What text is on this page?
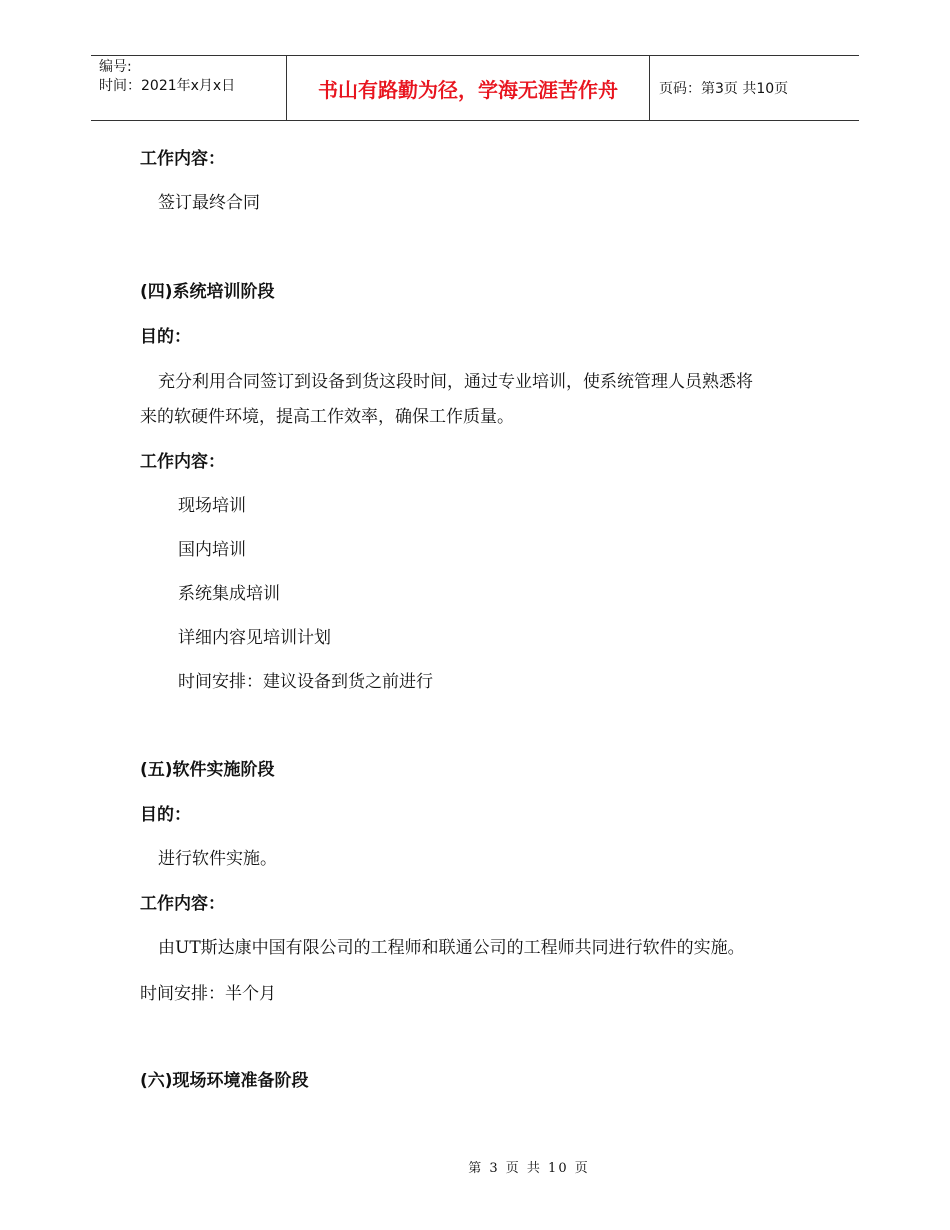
编号:
时间：2021年x月x日	书山有路勤为径，学海无涯苦作舟	页码：第3页 共10页
工作内容：
签订最终合同
(四)系统培训阶段
目的：
充分利用合同签订到设备到货这段时间，通过专业培训，使系统管理人员熟悉将
来的软硬件环境，提高工作效率，确保工作质量。
工作内容：
现场培训
国内培训
系统集成培训
详细内容见培训计划
时间安排：建议设备到货之前进行
(五)软件实施阶段
目的：
进行软件实施。
工作内容：
由UT斯达康中国有限公司的工程师和联通公司的工程师共同进行软件的实施。
时间安排：半个月
(六)现场环境准备阶段
第 3 页 共 10 页
